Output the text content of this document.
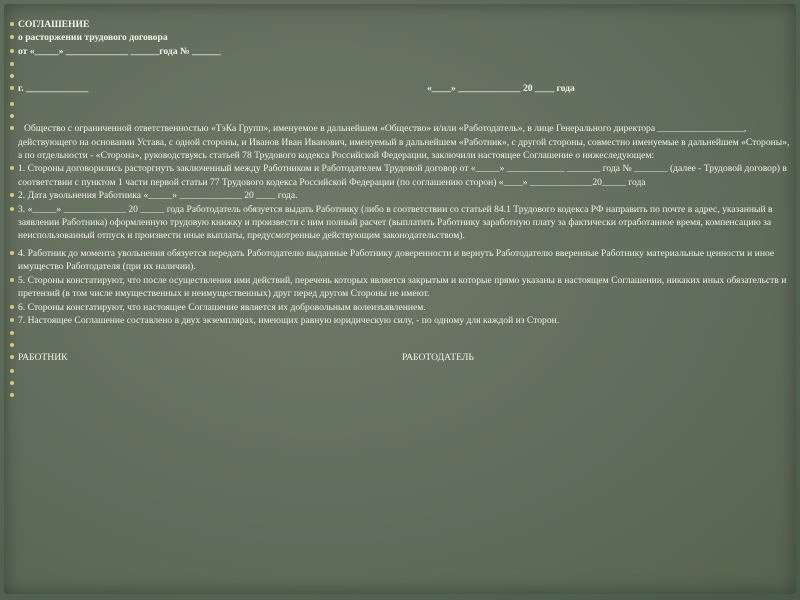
СОГЛАШЕНИЕ
о расторжении трудового договора
от «_____» _____________ ______года № ______
г. _____________	«____» _____________ 20 ____ года
Общество с ограниченной ответственностью «ТэКа Групп», именуемое в дальнейшем «Общество» и/или «Работодатель», в лице Генерального директора __________________, действующего на основании Устава, с одной стороны, и Иванов Иван Иванович, именуемый в дальнейшем «Работник», с другой стороны, совместно именуемые в дальнейшем «Стороны», а по отдельности - «Сторона», руководствуясь статьей 78 Трудового кодекса Российской Федерации, заключили настоящее Соглашение о нижеследующем:
1. Стороны договорились расторгнуть заключенный между Работником и Работодателем Трудовой договор от «_____» ____________ _______ года № _______ (далее - Трудовой договор) в соответствии с пунктом 1 части первой статьи 77 Трудового кодекса Российской Федерации (по соглашению сторон) «____» _____________20_____ года
2. Дата увольнения Работника «_____» _____________ 20 ____ года.
3. «_____» _____________ 20 _____ года Работодатель обязуется выдать Работнику (либо в соответствии со статьей 84.1 Трудового кодекса РФ направить по почте в адрес, указанный в заявлении Работника) оформленную трудовую книжку и произвести с ним полный расчет (выплатить Работнику заработную плату за фактически отработанное время, компенсацию за неиспользованный отпуск и произвести иные выплаты, предусмотренные действующим законодательством).
4. Работник до момента увольнения обязуется передать Работодателю выданные Работнику доверенности и вернуть Работодателю вверенные Работнику материальные ценности и иное имущество Работодателя (при их наличии).
5. Стороны констатируют, что после осуществления ими действий, перечень которых является закрытым и которые прямо указаны в настоящем Соглашении, никаких иных обязательств и претензий (в том числе имущественных и неимущественных) друг перед другом Стороны не имеют.
6. Стороны констатируют, что настоящее Соглашение является их добровольным волеизъявлением.
7. Настоящее Соглашение составлено в двух экземплярах, имеющих равную юридическую силу, - по одному для каждой из Сторон.
РАБОТНИК	РАБОТОДАТЕЛЬ
